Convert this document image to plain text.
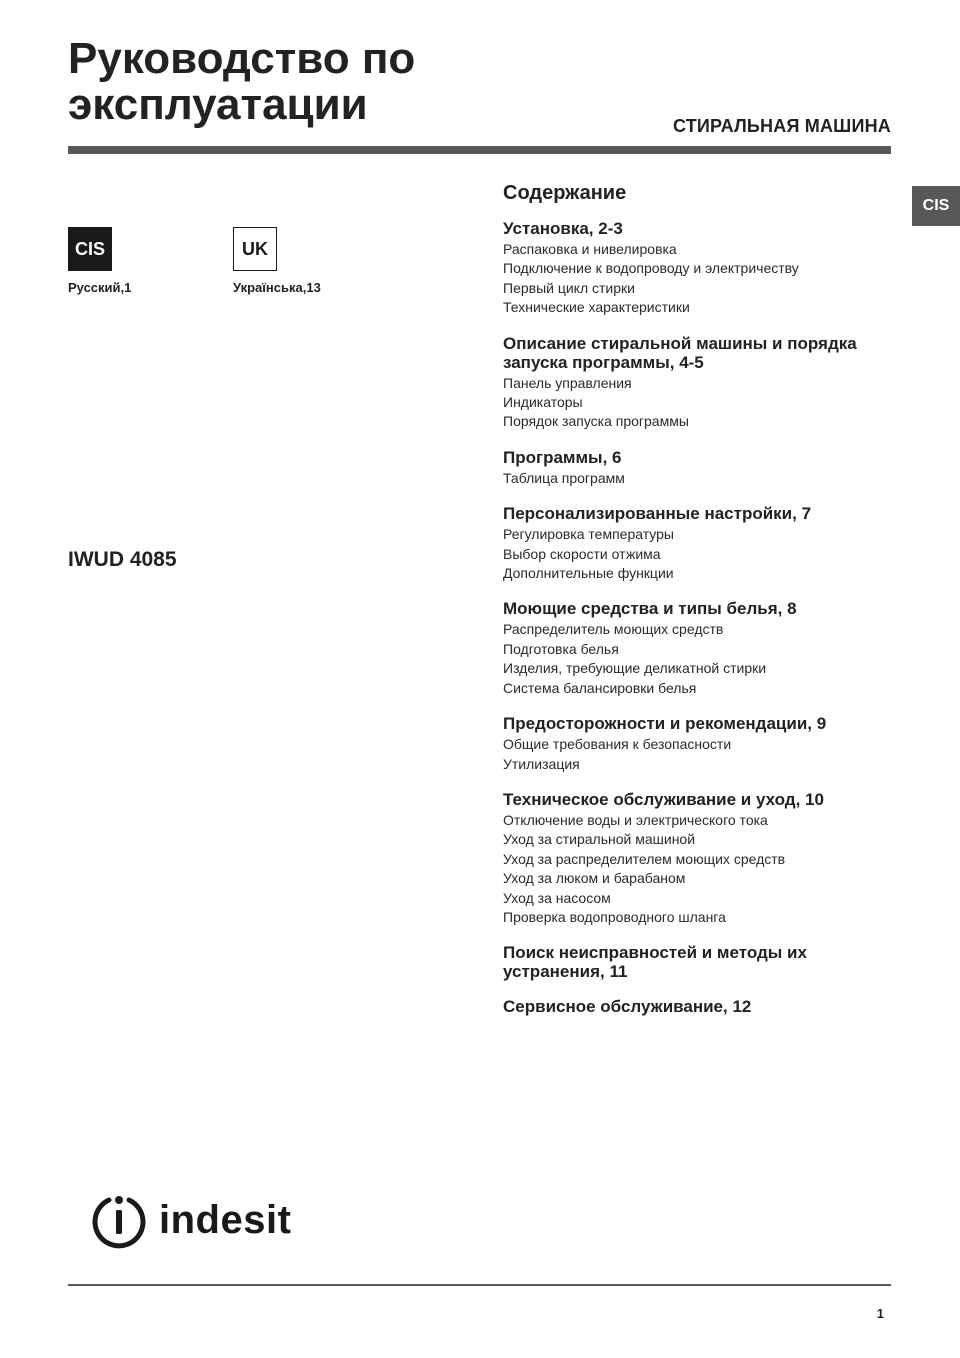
Руководство по
эксплуатации	СТИРАЛЬНАЯ МАШИНА
CIS
CIS
Русский,1
UK
Українська,13
IWUD 4085
Содержание
Установка, 2-3
Распаковка и нивелировка
Подключение к водопроводу и электричеству
Первый цикл стирки
Технические характеристики
Описание стиральной машины и порядка запуска программы, 4-5
Панель управления
Индикаторы
Порядок запуска программы
Программы, 6
Таблица программ
Персонализированные настройки, 7
Регулировка температуры
Выбор скорости отжима
Дополнительные функции
Моющие средства и типы белья, 8
Распределитель моющих средств
Подготовка белья
Изделия, требующие деликатной стирки
Система балансировки белья
Предосторожности и рекомендации, 9
Общие требования к безопасности
Утилизация
Техническое обслуживание и уход, 10
Отключение воды и электрического тока
Уход за стиральной машиной
Уход за распределителем моющих средств
Уход за люком и барабаном
Уход за насосом
Проверка водопроводного шланга
Поиск неисправностей и методы их устранения, 11
Сервисное обслуживание, 12
indesit
1
